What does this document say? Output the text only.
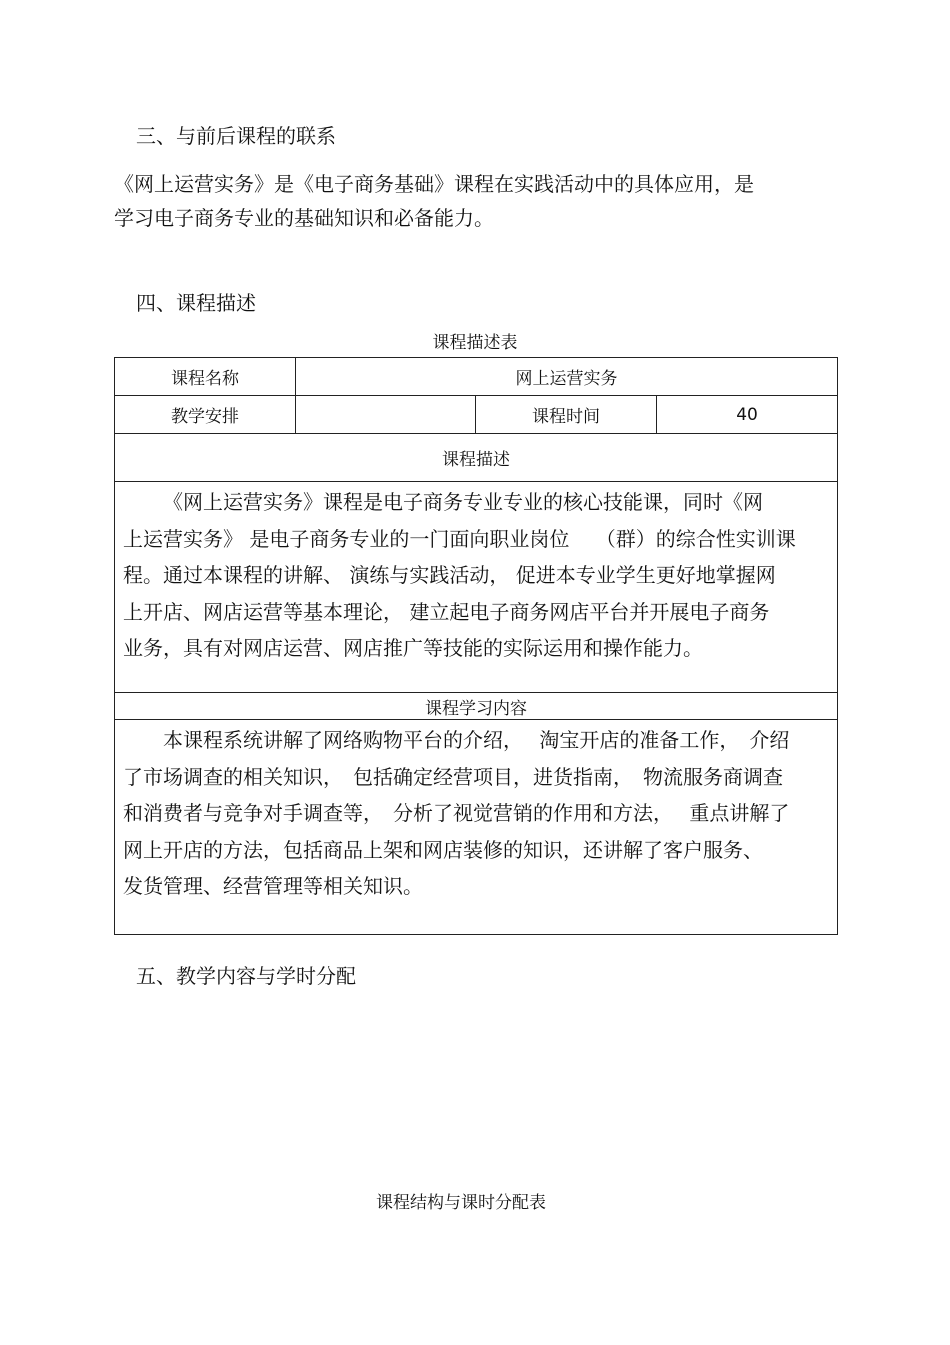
三、与前后课程的联系
《网上运营实务》是《电子商务基础》课程在实践活动中的具体应用，是
学习电子商务专业的基础知识和必备能力。
四、课程描述
课程描述表
课程名称	网上运营实务		
教学安排		课程时间	40
课程描述			

《网上运营实务》课程是电子商务专业专业的核心技能课，同时《网
上运营实务》 是电子商务专业的一门面向职业岗位　 （群）的综合性实训课
程。通过本课程的讲解、 演练与实践活动， 促进本专业学生更好地掌握网
上开店、网店运营等基本理论， 建立起电子商务网店平台并开展电子商务
业务，具有对网店运营、网店推广等技能的实际运用和操作能力。			

课程学习内容			

本课程系统讲解了网络购物平台的介绍，　 淘宝开店的准备工作，　介绍
了市场调查的相关知识，　包括确定经营项目，进货指南，　物流服务商调查
和消费者与竞争对手调查等，　分析了视觉营销的作用和方法，　 重点讲解了
网上开店的方法，包括商品上架和网店装修的知识，还讲解了客户服务、
发货管理、经营管理等相关知识。			
五、教学内容与学时分配
课程结构与课时分配表
